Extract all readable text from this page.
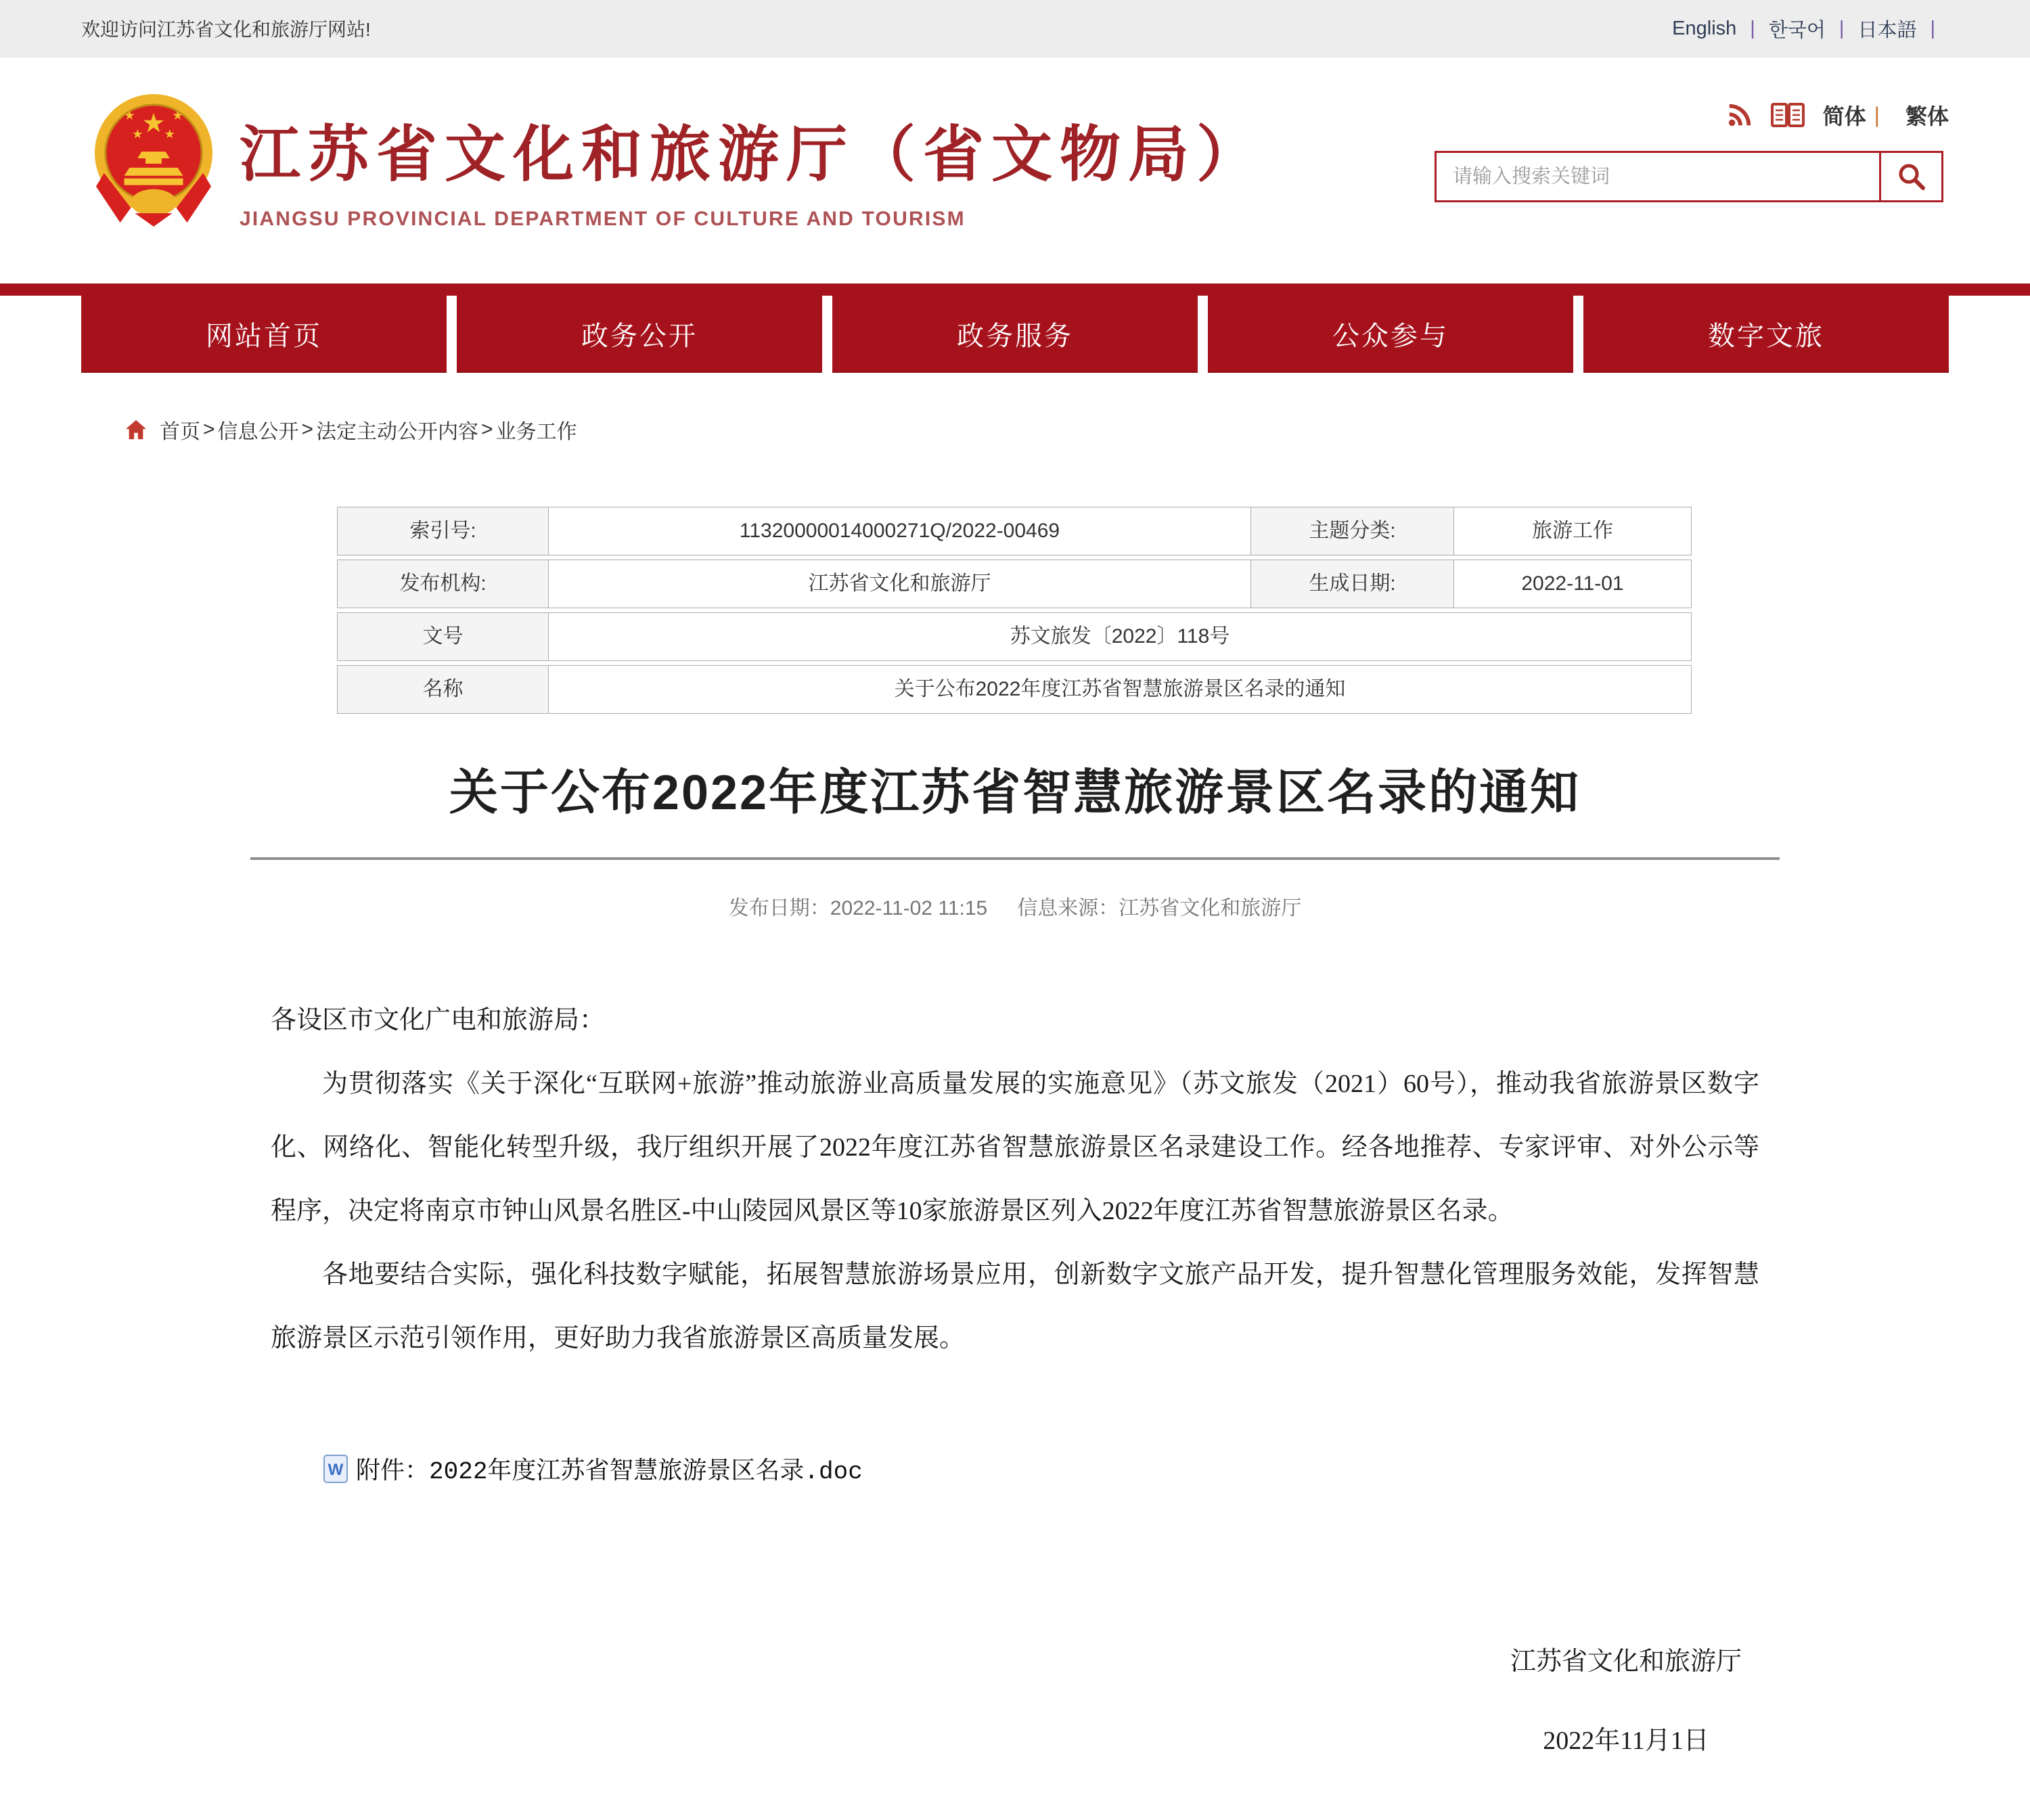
欢迎访问江苏省文化和旅游厅网站!	English | 한국어 | 日本語 |
江苏省文化和旅游厅（省文物局）
JIANGSU PROVINCIAL DEPARTMENT OF CULTURE AND TOURISM
简体 | 繁体
请输入搜索关键词
网站首页	政务公开	政务服务	公众参与	数字文旅
首页 > 信息公开 > 法定主动公开内容 > 业务工作
索引号:	11320000014000271Q/2022-00469	主题分类:	旅游工作
发布机构:	江苏省文化和旅游厅	生成日期:	2022-11-01
文号	苏文旅发〔2022〕118号
名称	关于公布2022年度江苏省智慧旅游景区名录的通知
关于公布2022年度江苏省智慧旅游景区名录的通知
发布日期：2022-11-02 11:15 信息来源：江苏省文化和旅游厅

各设区市文化广电和旅游局：

为贯彻落实《关于深化“互联网+旅游”推动旅游业高质量发展的实施意见》（苏文旅发（2021）60号），推动我省旅游景区数字化、网络化、智能化转型升级，我厅组织开展了2022年度江苏省智慧旅游景区名录建设工作。经各地推荐、专家评审、对外公示等程序，决定将南京市钟山风景名胜区-中山陵园风景区等10家旅游景区列入2022年度江苏省智慧旅游景区名录。

各地要结合实际，强化科技数字赋能，拓展智慧旅游场景应用，创新数字文旅产品开发，提升智慧化管理服务效能，发挥智慧旅游景区示范引领作用，更好助力我省旅游景区高质量发展。

W 附件： 2022年度江苏省智慧旅游景区名录.doc
江苏省文化和旅游厅
2022年11月1日
